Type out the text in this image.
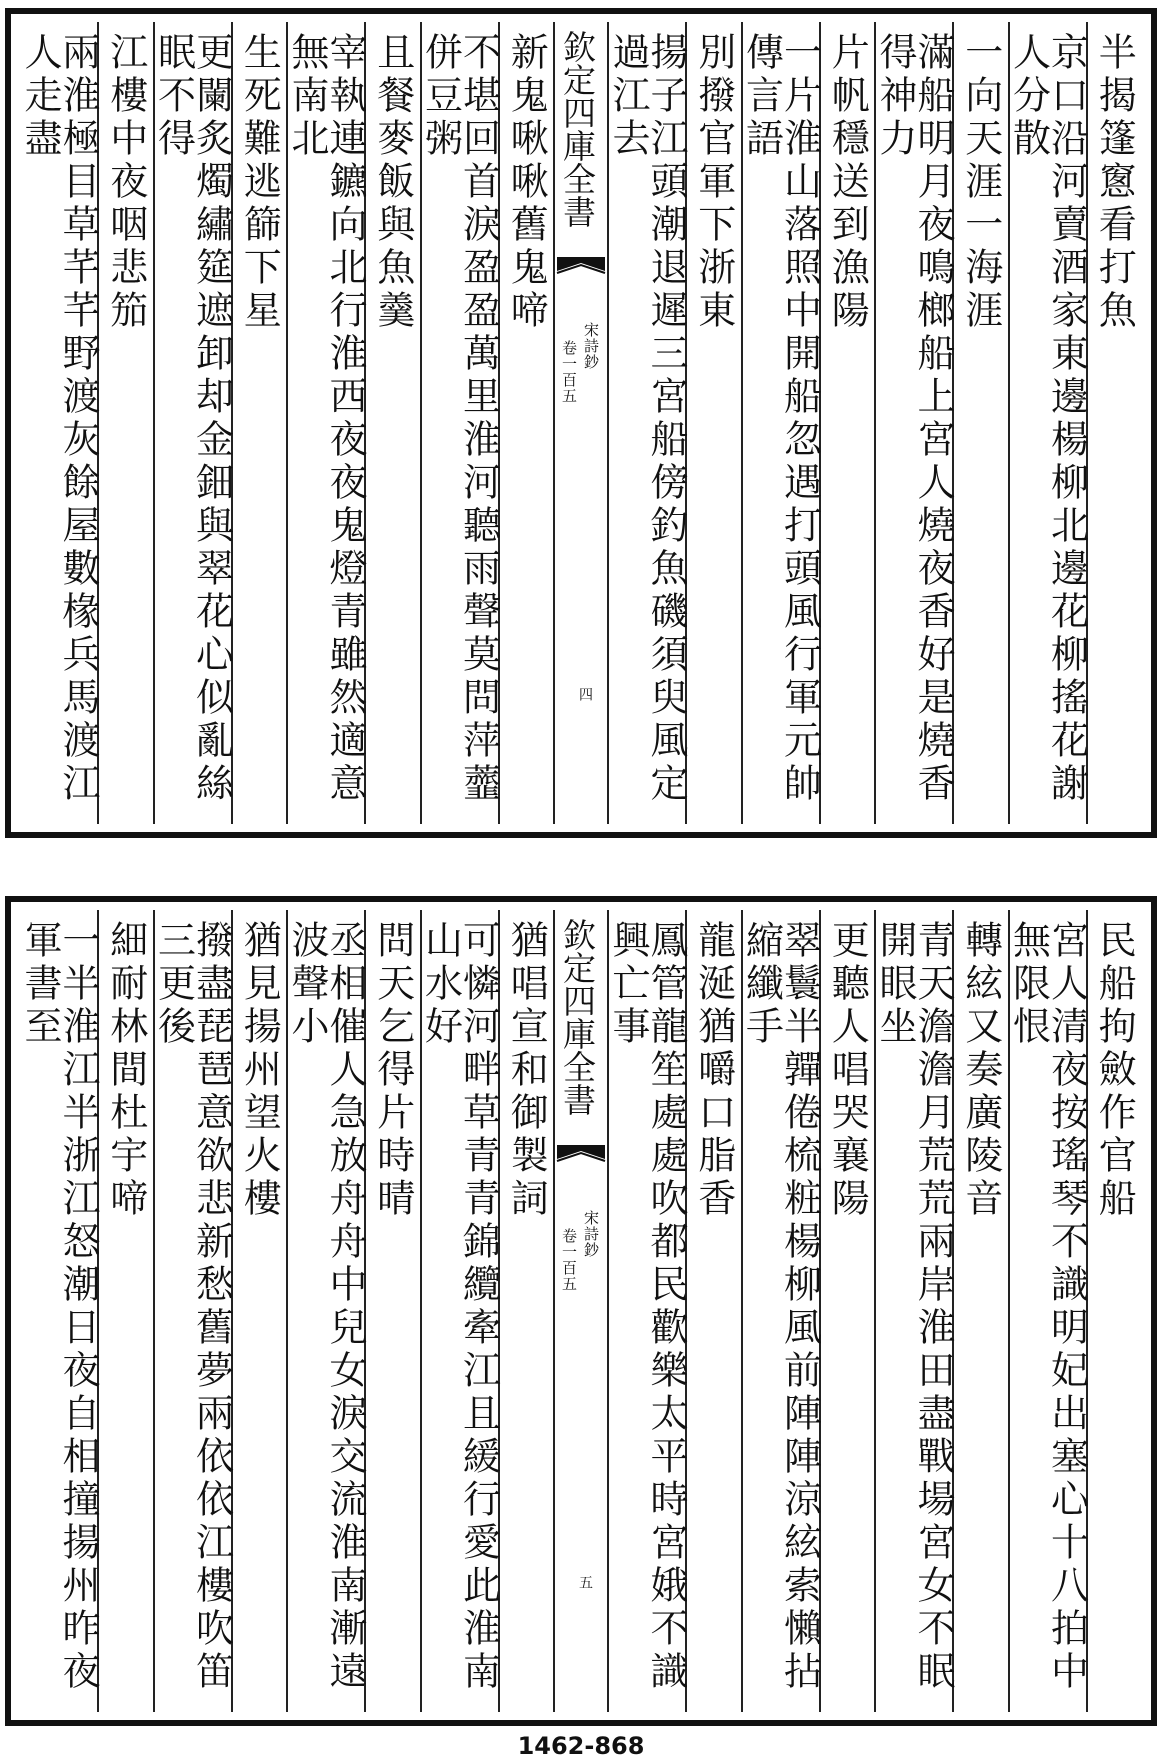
半揭篷窻看打魚
京口沿河賣酒家東邊楊柳北邊花柳搖花謝人分散
一向天涯一海涯
滿船明月夜鳴榔船上宮人燒夜香好是燒香得神力
片帆穩送到漁陽
一片淮山落照中開船忽遇打頭風行軍元帥傳言語
別撥官軍下浙東
揚子江頭潮退遲三宮船傍釣魚磯須臾風定過江去
欽定四庫全書
宋詩鈔
卷一百五
四
新鬼啾啾舊鬼啼
不堪回首淚盈盈萬里淮河聽雨聲莫問萍虀併豆粥
且餐麥飯與魚羹
宰執連鑣向北行淮西夜夜鬼燈青雖然適意無南北
生死難逃篩下星
更闌炙燭繡筵遮卸却金鈿與翠花心似亂絲眠不得
江樓中夜咽悲笳
兩淮極目草芊芊野渡灰餘屋數椽兵馬渡江人走盡
民船拘斂作官船
宮人清夜按瑤琴不識明妃出塞心十八拍中無限恨
轉絃又奏廣陵音
青天澹澹月荒荒兩岸淮田盡戰場宮女不眠開眼坐
更聽人唱哭襄陽
翠鬟半嚲倦梳粧楊柳風前陣陣涼絃索懶拈縮纖手
龍涎猶嚼口脂香
鳳管龍笙處處吹都民歡樂太平時宮娥不識興亡事
欽定四庫全書
宋詩鈔
卷一百五
五
猶唱宣和御製詞
可憐河畔草青青錦纜牽江且緩行愛此淮南山水好
問天乞得片時晴
丞相催人急放舟舟中兒女淚交流淮南漸遠波聲小
猶見揚州望火樓
撥盡琵琶意欲悲新愁舊夢兩依依江樓吹笛三更後
細耐林間杜宇啼
一半淮江半浙江怒潮日夜自相撞揚州昨夜軍書至
1462-868
